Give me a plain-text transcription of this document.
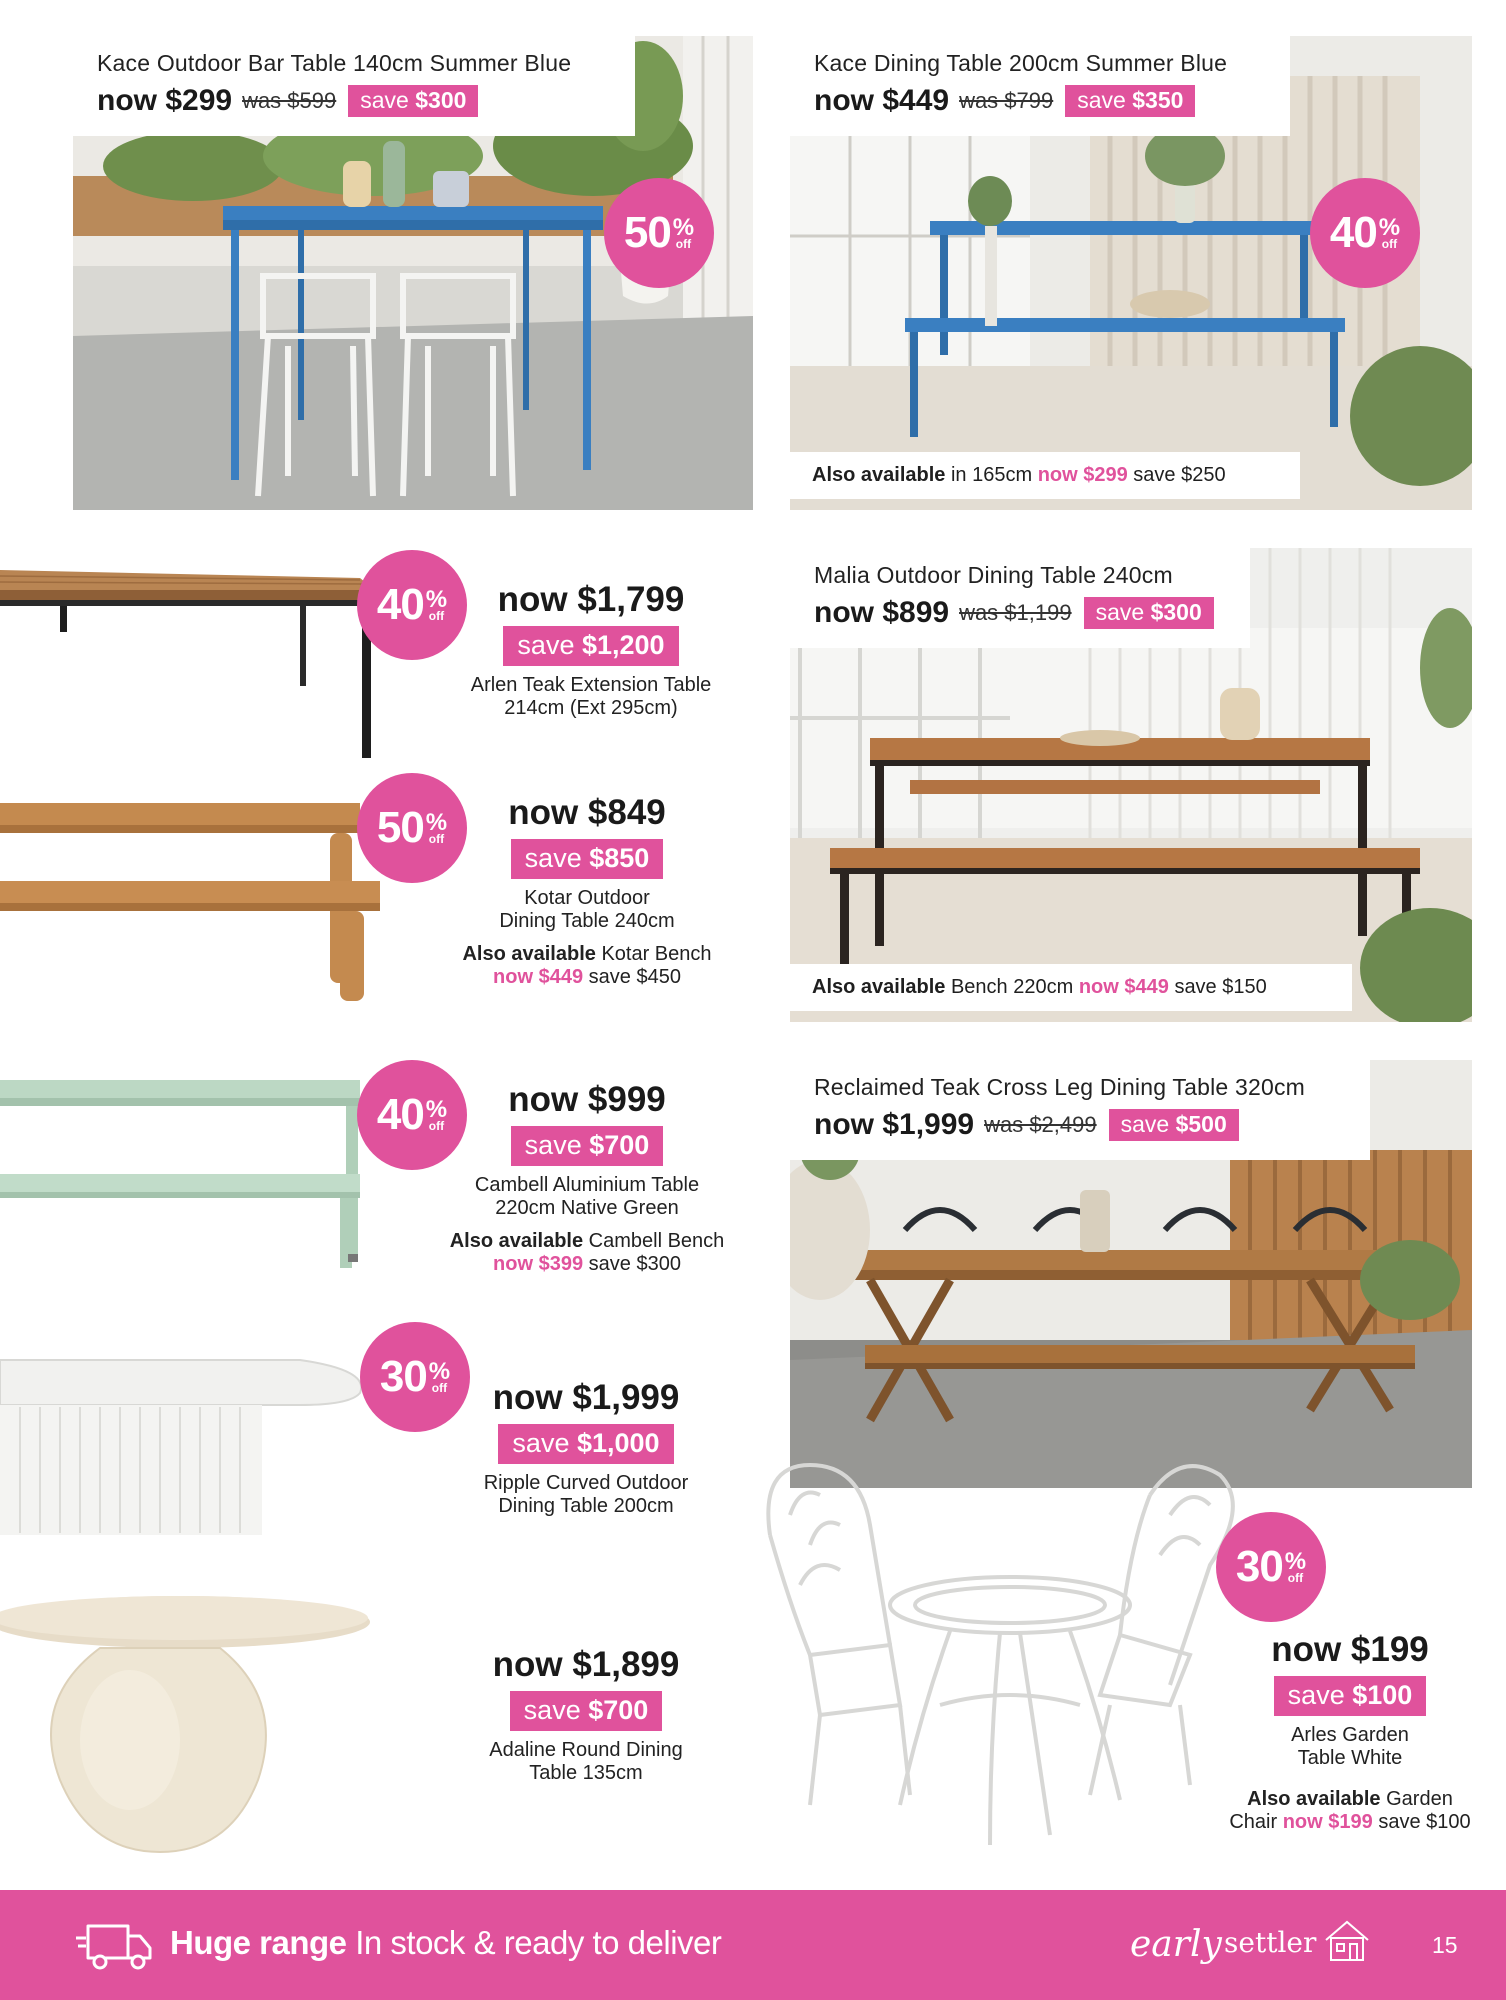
Kace Outdoor Bar Table 140cm Summer Blue
now $299 was $599	save $300
50 %
off
Kace Dining Table 200cm Summer Blue
now $449 was $799	save $350
40 %
off
Also available in 165cm now $299 save $250
40 %
off	now $1,799
save $1,200
Arlen Teak Extension Table
214cm (Ext 295cm)
50 %
off
now $849
save $850
Kotar Outdoor
Dining Table 240cm
Also available Kotar Bench
now $449 save $450
40 %
off
now $999
save $700
Cambell Aluminium Table
220cm Native Green
Also available Cambell Bench
now $399 save $300
30 %
off	now $1,999
save $1,000
Ripple Curved Outdoor
Dining Table 200cm
now $1,899
save $700
Adaline Round Dining
Table 135cm
Malia Outdoor Dining Table 240cm
now $899 was $1,199	save $300
Also available Bench 220cm now $449 save $150
Reclaimed Teak Cross Leg Dining Table 320cm
now $1,999 was $2,499	save $500
30 %
off
now $199
save $100
Arles Garden
Table White
Also available Garden
Chair now $199 save $100
Huge range In stock & ready to deliver	early settler	15
